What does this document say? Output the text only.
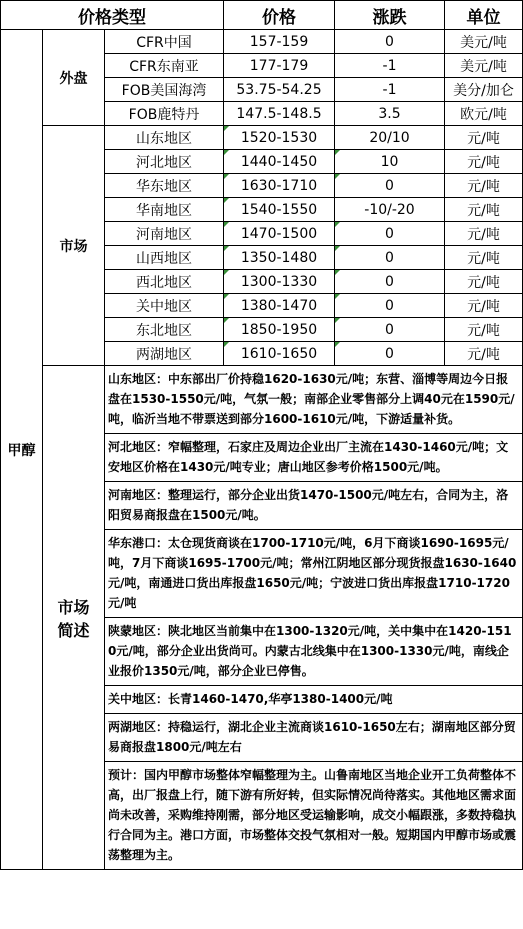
价格类型			价格	涨跌	单位
甲醇	外盘	CFR中国	157-159	0	美元/吨
		CFR东南亚	177-179	-1	美元/吨
		FOB美国海湾	53.75-54.25	-1	美分/加仑
		FOB鹿特丹	147.5-148.5	3.5	欧元/吨
	市场	山东地区	1520-1530	20/10	元/吨
		河北地区	1440-1450	10	元/吨
		华东地区	1630-1710	0	元/吨
		华南地区	1540-1550	-10/-20	元/吨
		河南地区	1470-1500	0	元/吨
		山西地区	1350-1480	0	元/吨
		西北地区	1300-1330	0	元/吨
		关中地区	1380-1470	0	元/吨
		东北地区	1850-1950	0	元/吨
		两湖地区	1610-1650	0	元/吨
	市场
简述	山东地区：中东部出厂价持稳1620-1630元/吨；东营、淄博等周边今日报盘在1530-1550元/吨，气氛一般；南部企业零售部分上调40元在1590元/吨，临沂当地不带票送到部分1600-1610元/吨，下游适量补货。			
		河北地区：窄幅整理，石家庄及周边企业出厂主流在1430-1460元/吨；文安地区价格在1430元/吨专业；唐山地区参考价格1500元/吨。			
		河南地区：整理运行，部分企业出货1470-1500元/吨左右，合同为主，洛阳贸易商报盘在1500元/吨。			
		华东港口：太仓现货商谈在1700-1710元/吨，6月下商谈1690-1695元/吨，7月下商谈1695-1700元/吨；常州江阴地区部分现货报盘1630-1640元/吨，南通进口货出库报盘1650元/吨；宁波进口货出库报盘1710-1720元/吨			
		陕蒙地区：陕北地区当前集中在1300-1320元/吨，关中集中在1420-1510元/吨，部分企业出货尚可。内蒙古北线集中在1300-1330元/吨，南线企业报价1350元/吨，部分企业已停售。			
		关中地区：长青1460-1470,华亭1380-1400元/吨			
		两湖地区：持稳运行，湖北企业主流商谈1610-1650左右；湖南地区部分贸易商报盘1800元/吨左右			
		预计：国内甲醇市场整体窄幅整理为主。山鲁南地区当地企业开工负荷整体不高，出厂报盘上行，随下游有所好转，但实际情况尚待落实。其他地区需求面尚未改善，采购维持刚需，部分地区受运输影响，成交小幅跟涨，多数持稳执行合同为主。港口方面，市场整体交投气氛相对一般。短期国内甲醇市场或震荡整理为主。			
